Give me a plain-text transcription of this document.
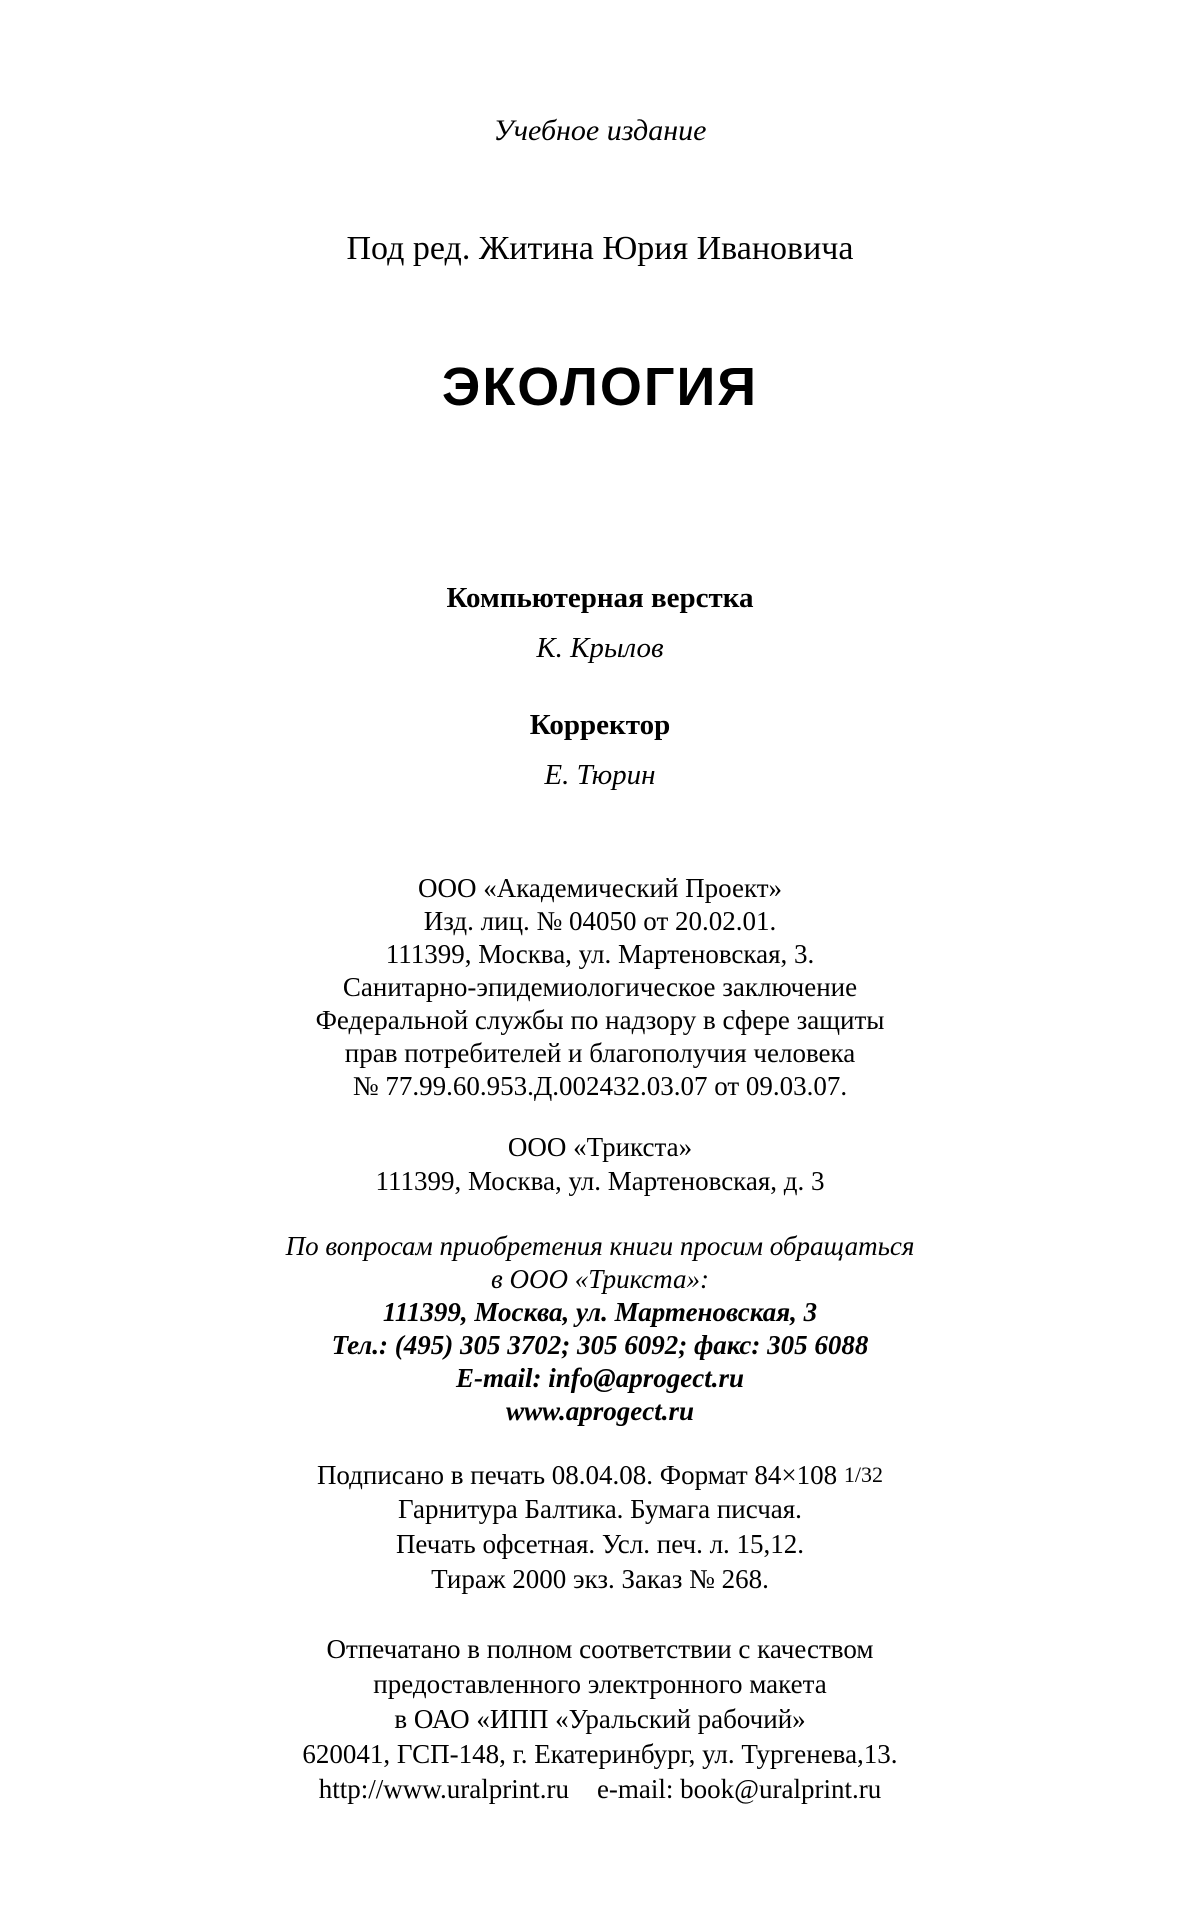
Учебное издание
Под ред. Житина Юрия Ивановича
ЭКОЛОГИЯ
Компьютерная верстка
К. Крылов
Корректор
Е. Тюрин
ООО «Академический Проект»
Изд. лиц. № 04050 от 20.02.01.
111399, Москва, ул. Мартеновская, 3.
Санитарно-эпидемиологическое заключение
Федеральной службы по надзору в сфере защиты
прав потребителей и благополучия человека
№ 77.99.60.953.Д.002432.03.07 от 09.03.07.
ООО «Трикста»
111399, Москва, ул. Мартеновская, д. 3
По вопросам приобретения книги просим обращаться
в ООО «Трикста»:
111399, Москва, ул. Мартеновская, 3
Тел.: (495) 305 3702; 305 6092; факс: 305 6088
E-mail: info@aprogect.ru
www.aprogect.ru
Подписано в печать 08.04.08. Формат 84×108 1/32
Гарнитура Балтика. Бумага писчая.
Печать офсетная. Усл. печ. л. 15,12.
Тираж 2000 экз. Заказ № 268.
Отпечатано в полном соответствии с качеством
предоставленного электронного макета
в ОАО «ИПП «Уральский рабочий»
620041, ГСП-148, г. Екатеринбург, ул. Тургенева,13.
http://www.uralprint.ru e-mail: book@uralprint.ru
